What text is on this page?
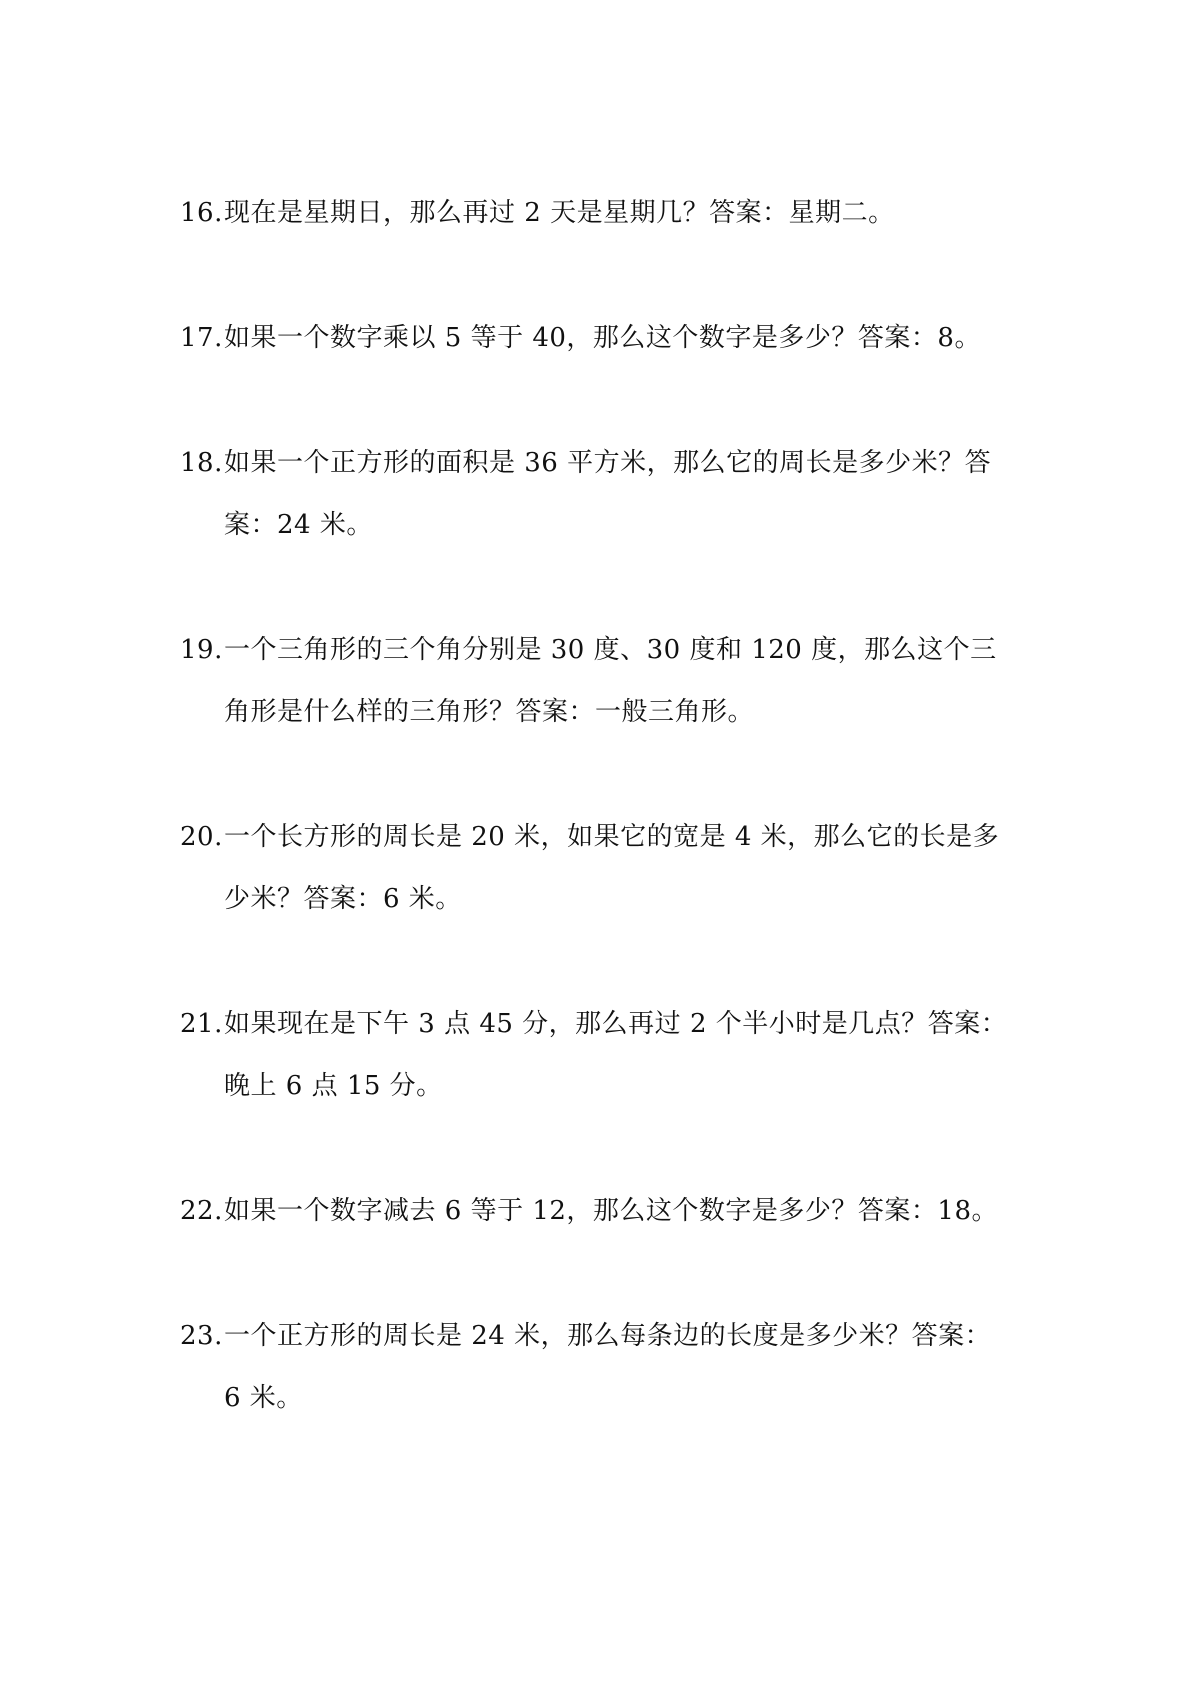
16. 现在是星期日，那么再过 2 天是星期几？答案：星期二。
17. 如果一个数字乘以 5 等于 40，那么这个数字是多少？答案：8。
18. 如果一个正方形的面积是 36 平方米，那么它的周长是多少米？答
案：24 米。
19. 一个三角形的三个角分别是 30 度、30 度和 120 度，那么这个三
角形是什么样的三角形？答案：一般三角形。
20. 一个长方形的周长是 20 米，如果它的宽是 4 米，那么它的长是多
少米？答案：6 米。
21. 如果现在是下午 3 点 45 分，那么再过 2 个半小时是几点？答案：
晚上 6 点 15 分。
22. 如果一个数字减去 6 等于 12，那么这个数字是多少？答案：18。
23. 一个正方形的周长是 24 米，那么每条边的长度是多少米？答案：
6 米。
